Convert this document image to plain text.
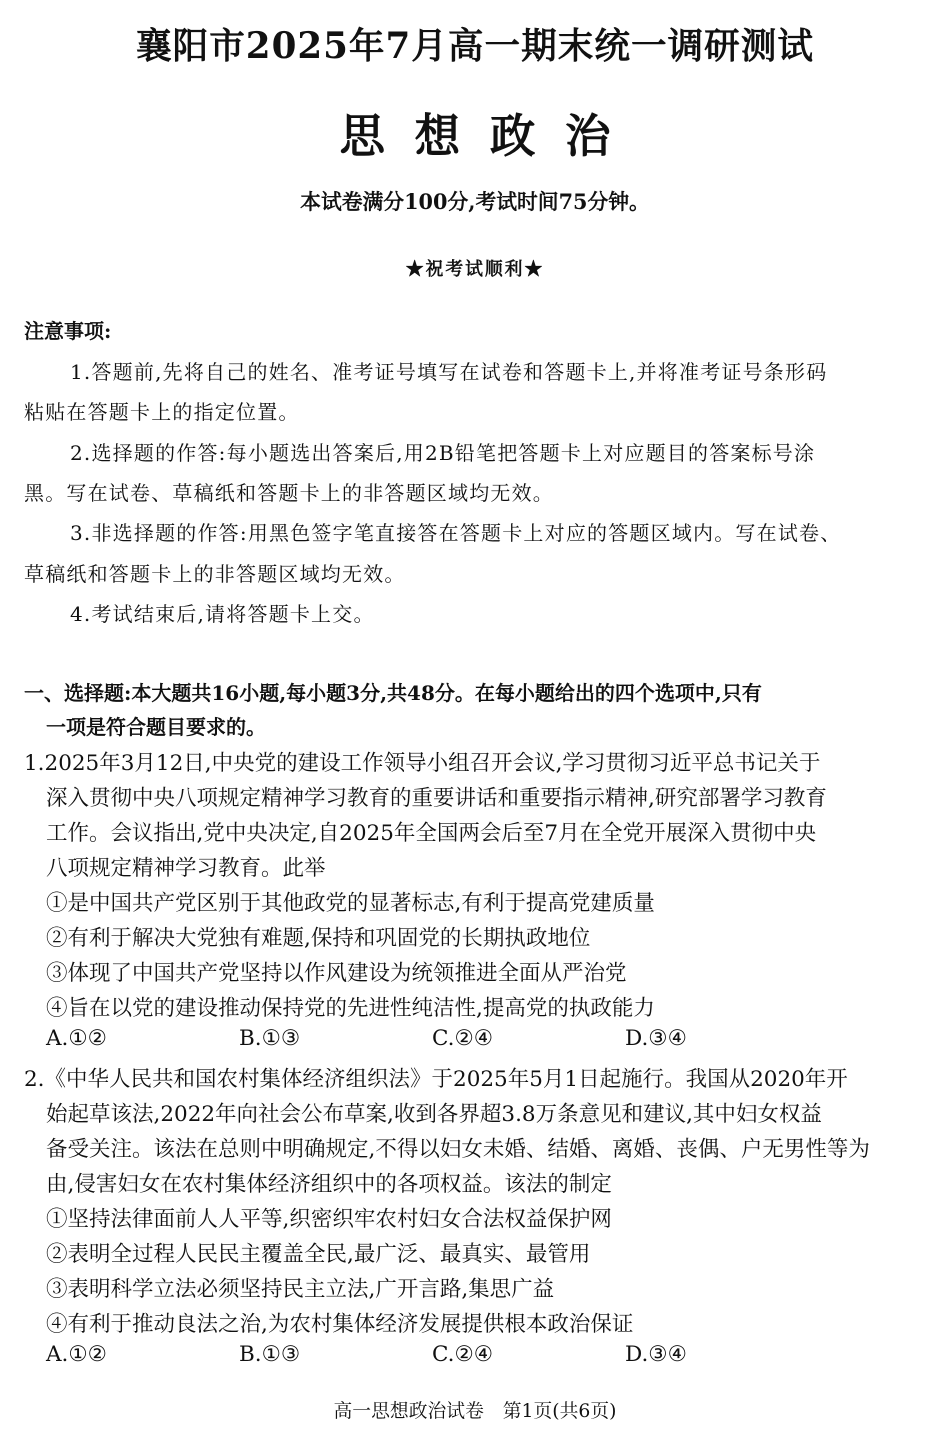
襄阳市2025年7月高一期末统一调研测试
思想政治
本试卷满分100分,考试时间75分钟。
★祝考试顺利★
注意事项:
1.答题前,先将自己的姓名、准考证号填写在试卷和答题卡上,并将准考证号条形码
粘贴在答题卡上的指定位置。
2.选择题的作答:每小题选出答案后,用2B铅笔把答题卡上对应题目的答案标号涂
黑。写在试卷、草稿纸和答题卡上的非答题区域均无效。
3.非选择题的作答:用黑色签字笔直接答在答题卡上对应的答题区域内。写在试卷、
草稿纸和答题卡上的非答题区域均无效。
4.考试结束后,请将答题卡上交。
一、选择题:本大题共16小题,每小题3分,共48分。在每小题给出的四个选项中,只有
一项是符合题目要求的。
1.2025年3月12日,中央党的建设工作领导小组召开会议,学习贯彻习近平总书记关于
深入贯彻中央八项规定精神学习教育的重要讲话和重要指示精神,研究部署学习教育
工作。会议指出,党中央决定,自2025年全国两会后至7月在全党开展深入贯彻中央
八项规定精神学习教育。此举
①是中国共产党区别于其他政党的显著标志,有利于提高党建质量
②有利于解决大党独有难题,保持和巩固党的长期执政地位
③体现了中国共产党坚持以作风建设为统领推进全面从严治党
④旨在以党的建设推动保持党的先进性纯洁性,提高党的执政能力
A.①②	B.①③	C.②④	D.③④
2.《中华人民共和国农村集体经济组织法》于2025年5月1日起施行。我国从2020年开
始起草该法,2022年向社会公布草案,收到各界超3.8万条意见和建议,其中妇女权益
备受关注。该法在总则中明确规定,不得以妇女未婚、结婚、离婚、丧偶、户无男性等为
由,侵害妇女在农村集体经济组织中的各项权益。该法的制定
①坚持法律面前人人平等,织密织牢农村妇女合法权益保护网
②表明全过程人民民主覆盖全民,最广泛、最真实、最管用
③表明科学立法必须坚持民主立法,广开言路,集思广益
④有利于推动良法之治,为农村集体经济发展提供根本政治保证
A.①②	B.①③	C.②④	D.③④
高一思想政治试卷　第1页(共6页)
